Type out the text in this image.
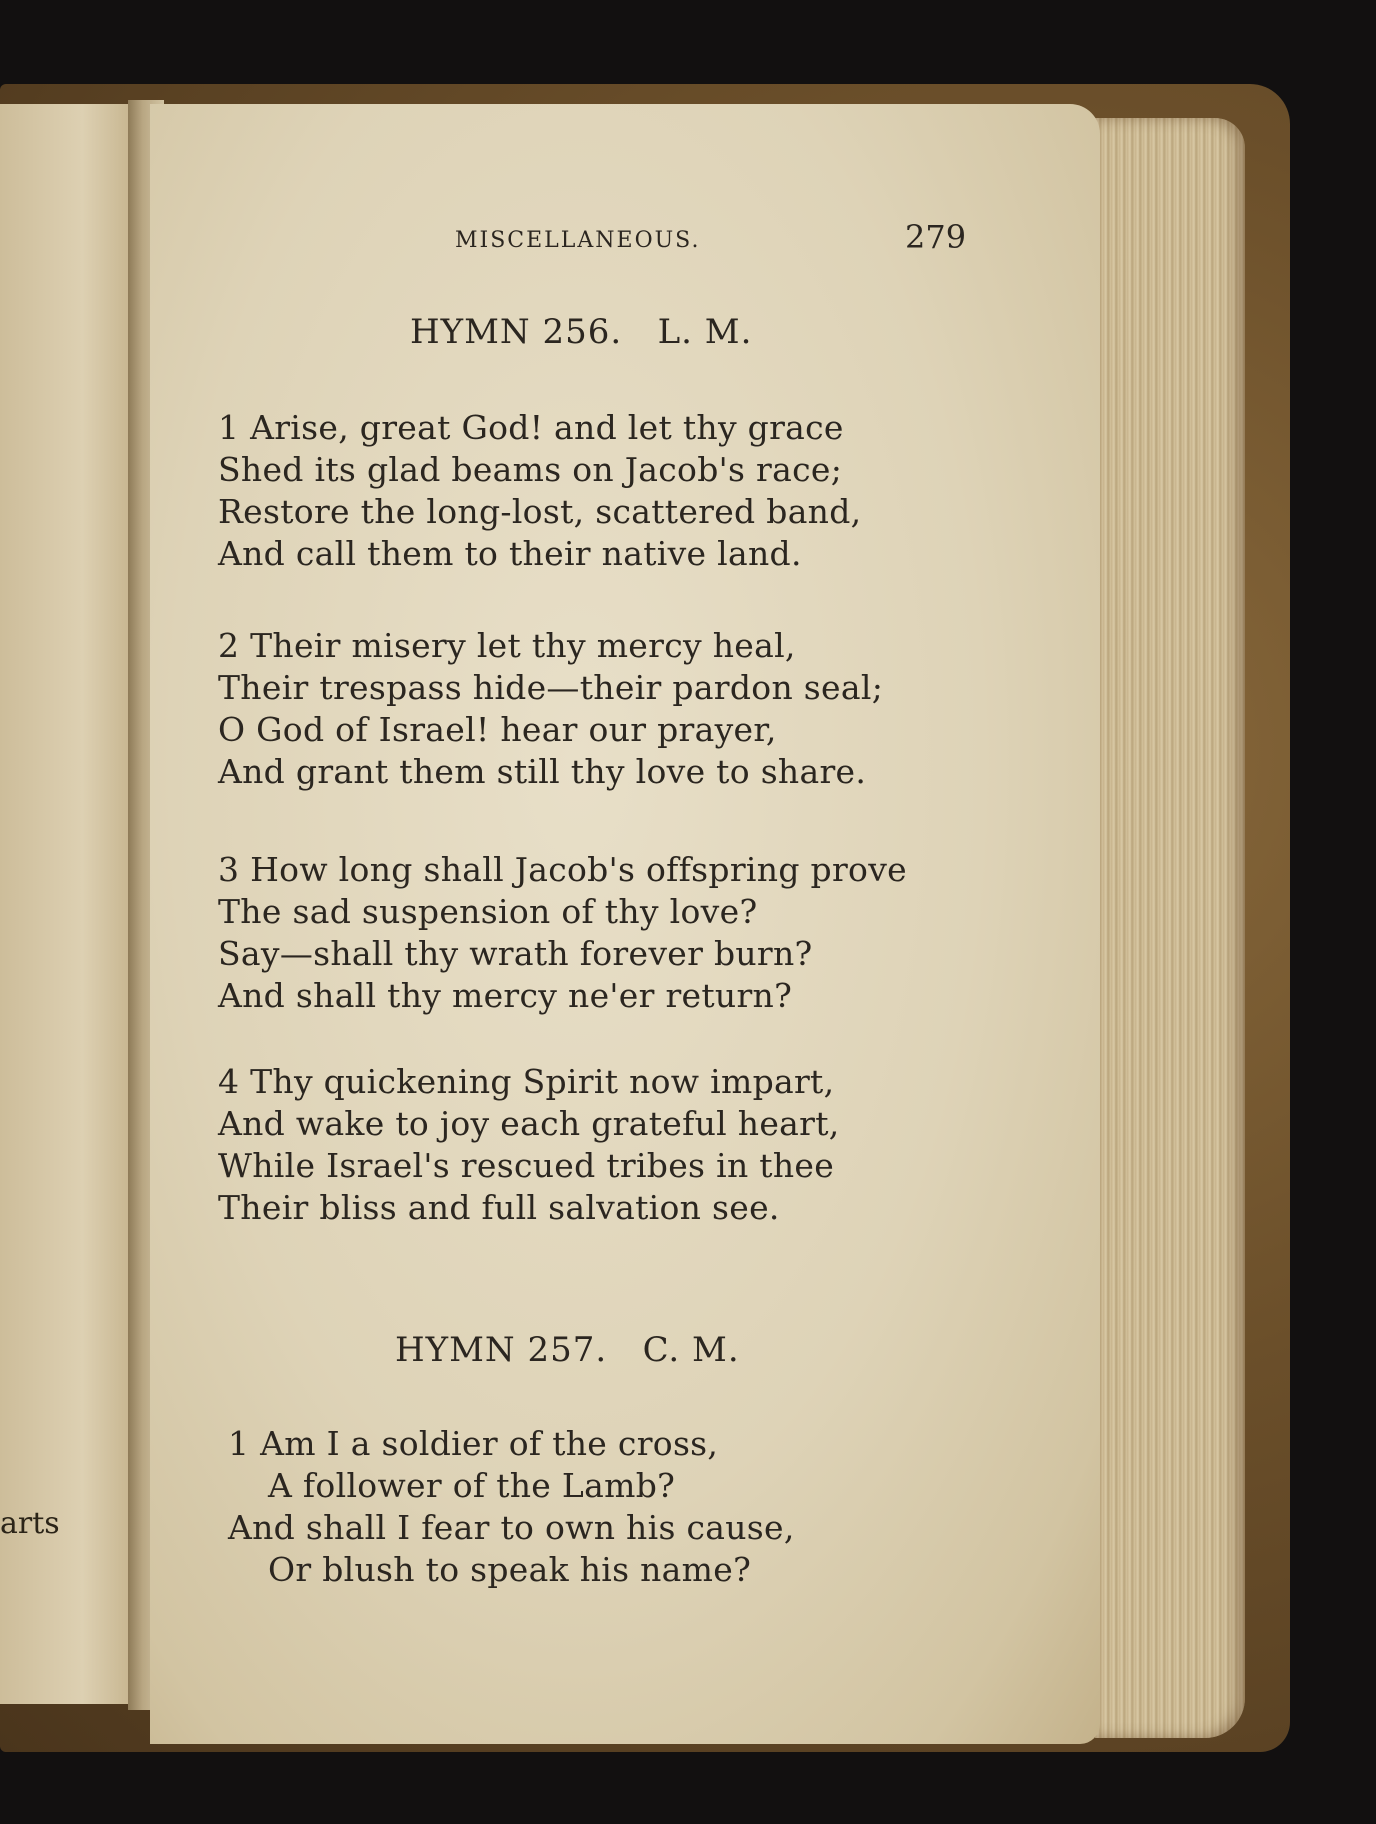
arts
MISCELLANEOUS.	279
HYMN 256.   L. M.
1 Arise, great God! and let thy grace
Shed its glad beams on Jacob's race;
Restore the long-lost, scattered band,
And call them to their native land.
2 Their misery let thy mercy heal,
Their trespass hide—their pardon seal;
O God of Israel! hear our prayer,
And grant them still thy love to share.
3 How long shall Jacob's offspring prove
The sad suspension of thy love?
Say—shall thy wrath forever burn?
And shall thy mercy ne'er return?
4 Thy quickening Spirit now impart,
And wake to joy each grateful heart,
While Israel's rescued tribes in thee
Their bliss and full salvation see.
HYMN 257.   C. M.
1 Am I a soldier of the cross,
A follower of the Lamb?
And shall I fear to own his cause,
Or blush to speak his name?
